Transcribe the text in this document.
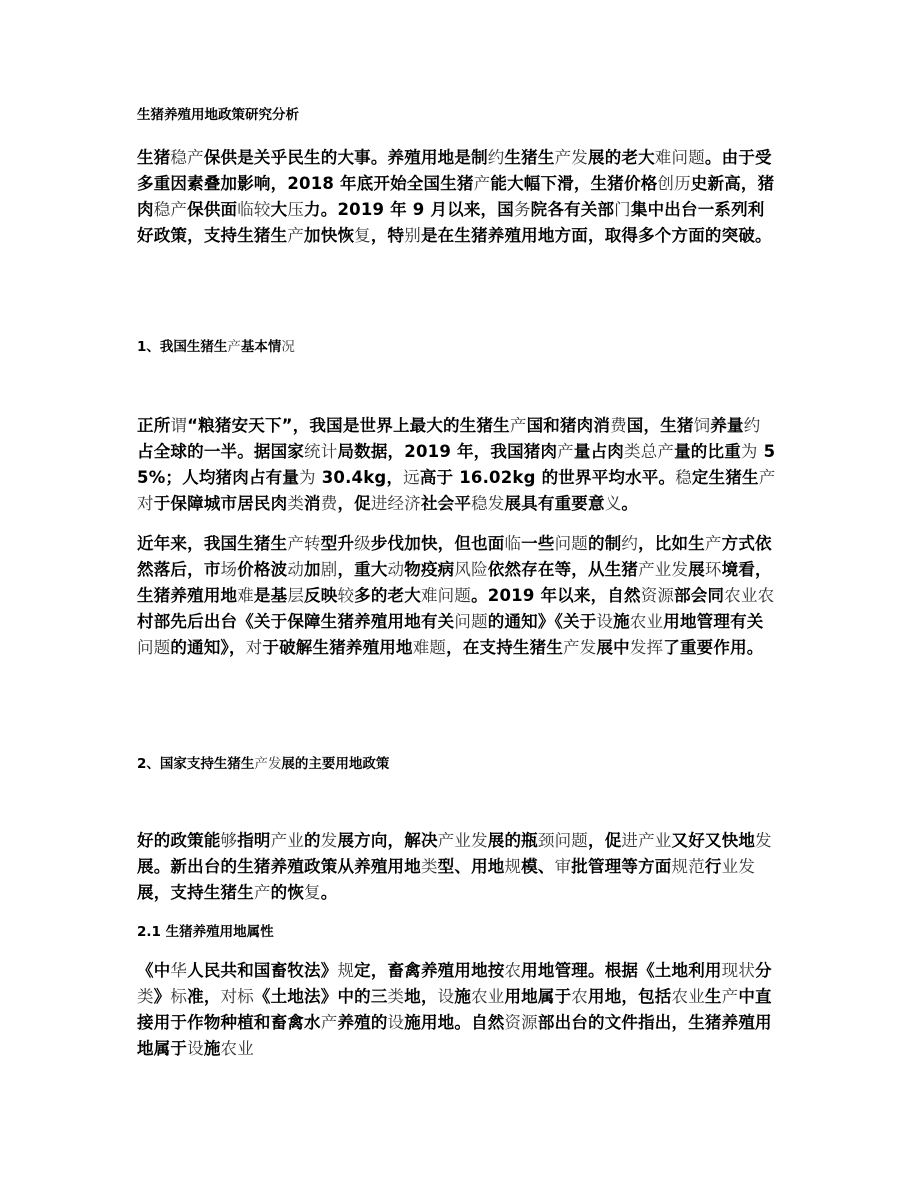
生猪养殖用地政策研究分析

生猪稳产保供是关乎民生的大事。养殖用地是制约生猪生产发展的老大难问题。由于受多重因素叠加影响，2018 年底开始全国生猪产能大幅下滑，生猪价格创历史新高，猪肉稳产保供面临较大压力。2019 年 9 月以来，国务院各有关部门集中出台一系列利好政策，支持生猪生产加快恢复，特别是在生猪养殖用地方面，取得多个方面的突破。

1、我国生猪生产基本情况

正所谓“粮猪安天下”，我国是世界上最大的生猪生产国和猪肉消费国，生猪饲养量约占全球的一半。据国家统计局数据，2019 年，我国猪肉产量占肉类总产量的比重为 55%；人均猪肉占有量为 30.4kg，远高于 16.02kg 的世界平均水平。稳定生猪生产对于保障城市居民肉类消费，促进经济社会平稳发展具有重要意义。

近年来，我国生猪生产转型升级步伐加快，但也面临一些问题的制约，比如生产方式依然落后，市场价格波动加剧，重大动物疫病风险依然存在等，从生猪产业发展环境看，生猪养殖用地难是基层反映较多的老大难问题。2019 年以来，自然资源部会同农业农村部先后出台《关于保障生猪养殖用地有关问题的通知》《关于设施农业用地管理有关问题的通知》，对于破解生猪养殖用地难题，在支持生猪生产发展中发挥了重要作用。

2、国家支持生猪生产发展的主要用地政策

好的政策能够指明产业的发展方向，解决产业发展的瓶颈问题，促进产业又好又快地发展。新出台的生猪养殖政策从养殖用地类型、用地规模、审批管理等方面规范行业发展，支持生猪生产的恢复。

2.1 生猪养殖用地属性

《中华人民共和国畜牧法》规定，畜禽养殖用地按农用地管理。根据《土地利用现状分类》标准，对标《土地法》中的三类地，设施农业用地属于农用地，包括农业生产中直接用于作物种植和畜禽水产养殖的设施用地。自然资源部出台的文件指出，生猪养殖用地属于设施农业
